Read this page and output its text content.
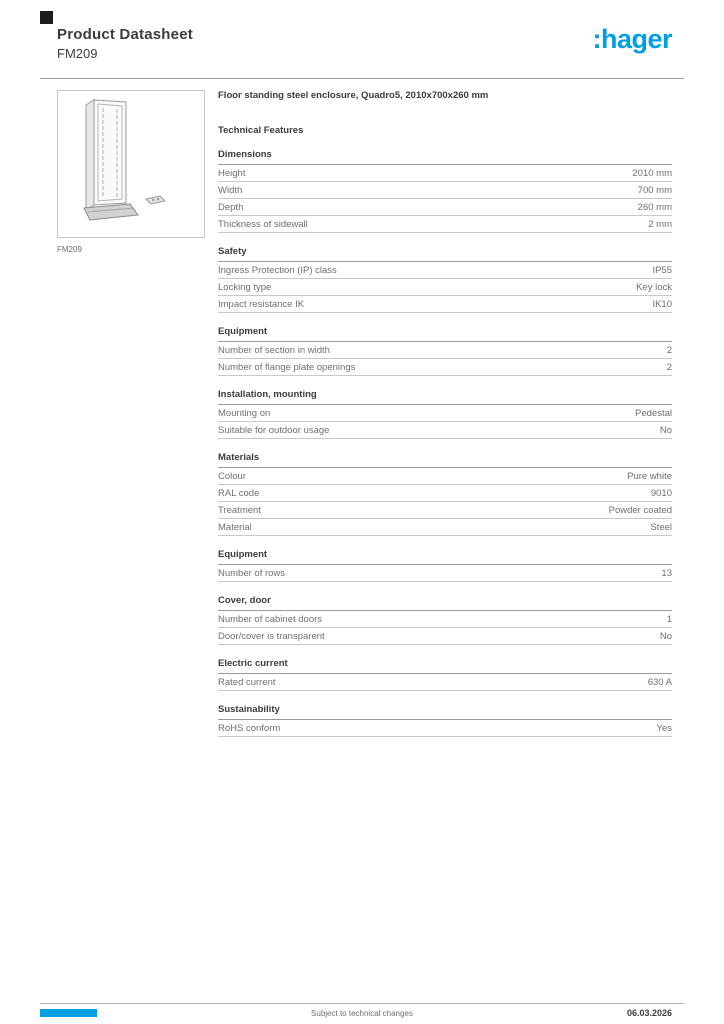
Product Datasheet
FM209	:hager
FM209

Floor standing steel enclosure, Quadro5, 2010x700x260 mm

Technical Features
Dimensions
Height	2010 mm
Width	700 mm
Depth	260 mm
Thickness of sidewall	2 mm
Safety
Ingress Protection (IP) class	IP55
Locking type	Key lock
Impact resistance IK	IK10
Equipment
Number of section in width	2
Number of flange plate openings	2
Installation, mounting
Mounting on	Pedestal
Suitable for outdoor usage	No
Materials
Colour	Pure white
RAL code	9010
Treatment	Powder coated
Material	Steel
Equipment
Number of rows	13
Cover, door
Number of cabinet doors	1
Door/cover is transparent	No
Electric current
Rated current	630 A
Sustainability
RoHS conform	Yes
Subject to technical changes	06.03.2026
